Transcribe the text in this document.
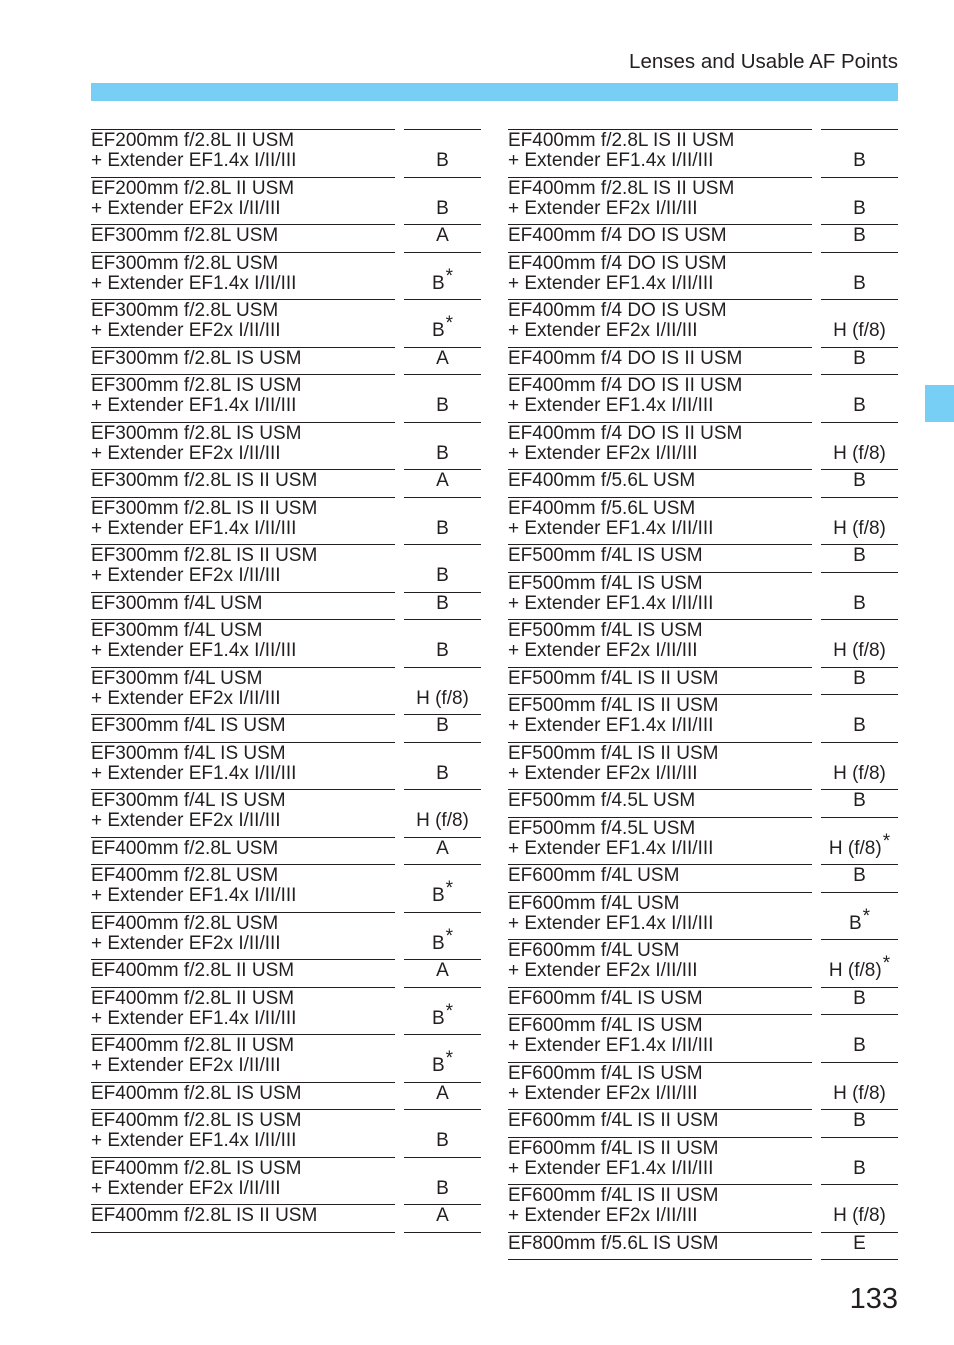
Lenses and Usable AF Points
EF200mm f/2.8L II USM
+ Extender EF1.4x I/II/III	B
EF200mm f/2.8L II USM
+ Extender EF2x I/II/III	B
EF300mm f/2.8L USM	A
EF300mm f/2.8L USM
+ Extender EF1.4x I/II/III	B*
EF300mm f/2.8L USM
+ Extender EF2x I/II/III	B*
EF300mm f/2.8L IS USM	A
EF300mm f/2.8L IS USM
+ Extender EF1.4x I/II/III	B
EF300mm f/2.8L IS USM
+ Extender EF2x I/II/III	B
EF300mm f/2.8L IS II USM	A
EF300mm f/2.8L IS II USM
+ Extender EF1.4x I/II/III	B
EF300mm f/2.8L IS II USM
+ Extender EF2x I/II/III	B
EF300mm f/4L USM	B
EF300mm f/4L USM
+ Extender EF1.4x I/II/III	B
EF300mm f/4L USM
+ Extender EF2x I/II/III	H (f/8)
EF300mm f/4L IS USM	B
EF300mm f/4L IS USM
+ Extender EF1.4x I/II/III	B
EF300mm f/4L IS USM
+ Extender EF2x I/II/III	H (f/8)
EF400mm f/2.8L USM	A
EF400mm f/2.8L USM
+ Extender EF1.4x I/II/III	B*
EF400mm f/2.8L USM
+ Extender EF2x I/II/III	B*
EF400mm f/2.8L II USM	A
EF400mm f/2.8L II USM
+ Extender EF1.4x I/II/III	B*
EF400mm f/2.8L II USM
+ Extender EF2x I/II/III	B*
EF400mm f/2.8L IS USM	A
EF400mm f/2.8L IS USM
+ Extender EF1.4x I/II/III	B
EF400mm f/2.8L IS USM
+ Extender EF2x I/II/III	B
EF400mm f/2.8L IS II USM	A
EF400mm f/2.8L IS II USM
+ Extender EF1.4x I/II/III	B
EF400mm f/2.8L IS II USM
+ Extender EF2x I/II/III	B
EF400mm f/4 DO IS USM	B
EF400mm f/4 DO IS USM
+ Extender EF1.4x I/II/III	B
EF400mm f/4 DO IS USM
+ Extender EF2x I/II/III	H (f/8)
EF400mm f/4 DO IS II USM	B
EF400mm f/4 DO IS II USM
+ Extender EF1.4x I/II/III	B
EF400mm f/4 DO IS II USM
+ Extender EF2x I/II/III	H (f/8)
EF400mm f/5.6L USM	B
EF400mm f/5.6L USM
+ Extender EF1.4x I/II/III	H (f/8)
EF500mm f/4L IS USM	B
EF500mm f/4L IS USM
+ Extender EF1.4x I/II/III	B
EF500mm f/4L IS USM
+ Extender EF2x I/II/III	H (f/8)
EF500mm f/4L IS II USM	B
EF500mm f/4L IS II USM
+ Extender EF1.4x I/II/III	B
EF500mm f/4L IS II USM
+ Extender EF2x I/II/III	H (f/8)
EF500mm f/4.5L USM	B
EF500mm f/4.5L USM
+ Extender EF1.4x I/II/III	H (f/8)*
EF600mm f/4L USM	B
EF600mm f/4L USM
+ Extender EF1.4x I/II/III	B*
EF600mm f/4L USM
+ Extender EF2x I/II/III	H (f/8)*
EF600mm f/4L IS USM	B
EF600mm f/4L IS USM
+ Extender EF1.4x I/II/III	B
EF600mm f/4L IS USM
+ Extender EF2x I/II/III	H (f/8)
EF600mm f/4L IS II USM	B
EF600mm f/4L IS II USM
+ Extender EF1.4x I/II/III	B
EF600mm f/4L IS II USM
+ Extender EF2x I/II/III	H (f/8)
EF800mm f/5.6L IS USM	E
133
